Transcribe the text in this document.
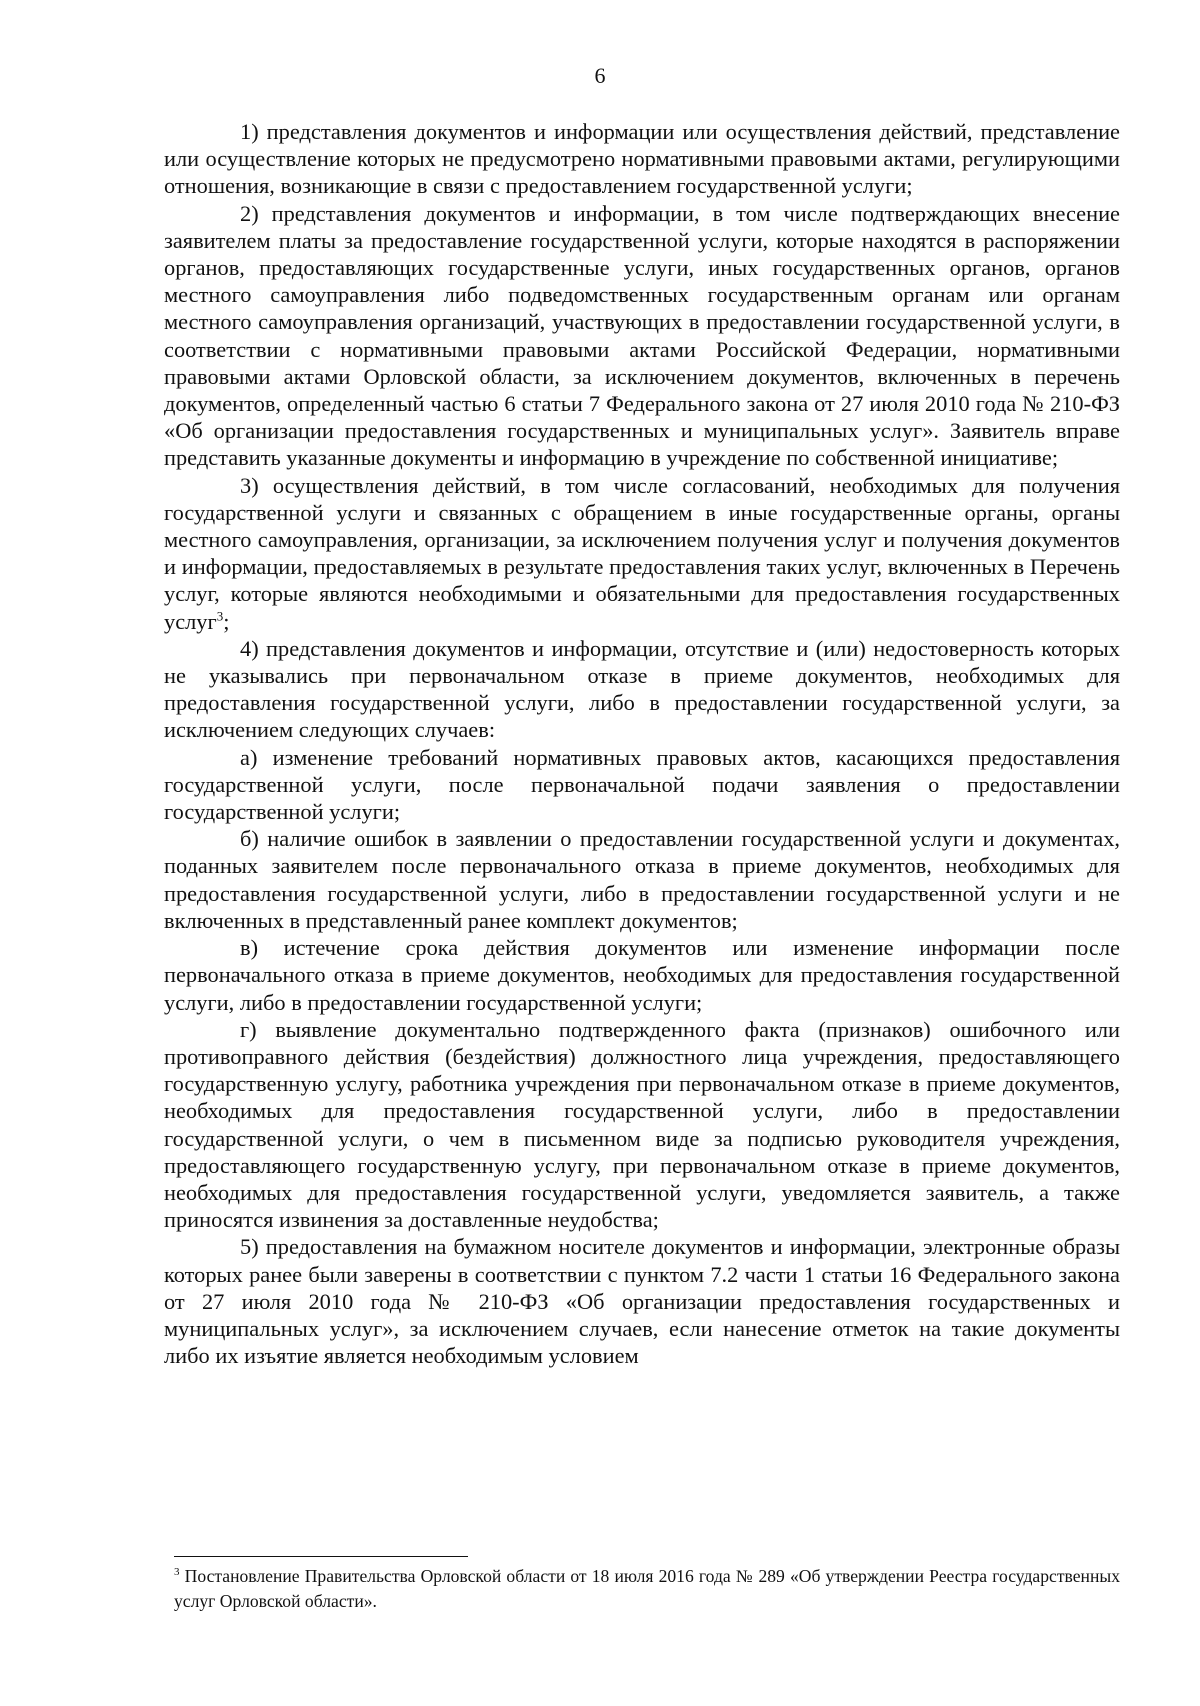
6

1) представления документов и информации или осуществления действий, представление или осуществление которых не предусмотрено нормативными правовыми актами, регулирующими отношения, возникающие в связи с предоставлением государственной услуги;

2) представления документов и информации, в том числе подтверждающих внесение заявителем платы за предоставление государственной услуги, которые находятся в распоряжении органов, предоставляющих государственные услуги, иных государственных органов, органов местного самоуправления либо подведомственных государственным органам или органам местного самоуправления организаций, участвующих в предоставлении государственной услуги, в соответствии с нормативными правовыми актами Российской Федерации, нормативными правовыми актами Орловской области, за исключением документов, включенных в перечень документов, определенный частью 6 статьи 7 Федерального закона от 27 июля 2010 года № 210-ФЗ «Об организации предоставления государственных и муниципальных услуг». Заявитель вправе представить указанные документы и информацию в учреждение по собственной инициативе;

3) осуществления действий, в том числе согласований, необходимых для получения государственной услуги и связанных с обращением в иные государственные органы, органы местного самоуправления, организации, за исключением получения услуг и получения документов и информации, предоставляемых в результате предоставления таких услуг, включенных в Перечень услуг, которые являются необходимыми и обязательными для предоставления государственных услуг$^3$;

4) представления документов и информации, отсутствие и (или) недостоверность которых не указывались при первоначальном отказе в приеме документов, необходимых для предоставления государственной услуги, либо в предоставлении государственной услуги, за исключением следующих случаев:

а) изменение требований нормативных правовых актов, касающихся предоставления государственной услуги, после первоначальной подачи заявления о предоставлении государственной услуги;

б) наличие ошибок в заявлении о предоставлении государственной услуги и документах, поданных заявителем после первоначального отказа в приеме документов, необходимых для предоставления государственной услуги, либо в предоставлении государственной услуги и не включенных в представленный ранее комплект документов;

в) истечение срока действия документов или изменение информации после первоначального отказа в приеме документов, необходимых для предоставления государственной услуги, либо в предоставлении государственной услуги;

г) выявление документально подтвержденного факта (признаков) ошибочного или противоправного действия (бездействия) должностного лица учреждения, предоставляющего государственную услугу, работника учреждения при первоначальном отказе в приеме документов, необходимых для предоставления государственной услуги, либо в предоставлении государственной услуги, о чем в письменном виде за подписью руководителя учреждения, предоставляющего государственную услугу, при первоначальном отказе в приеме документов, необходимых для предоставления государственной услуги, уведомляется заявитель, а также приносятся извинения за доставленные неудобства;

5) предоставления на бумажном носителе документов и информации, электронные образы которых ранее были заверены в соответствии с пунктом 7.2 части 1 статьи 16 Федерального закона от 27 июля 2010 года № 210-ФЗ «Об организации предоставления государственных и муниципальных услуг», за исключением случаев, если нанесение отметок на такие документы либо их изъятие является необходимым условием

$^3$ Постановление Правительства Орловской области от 18 июля 2016 года № 289 «Об утверждении Реестра государственных услуг Орловской области».
